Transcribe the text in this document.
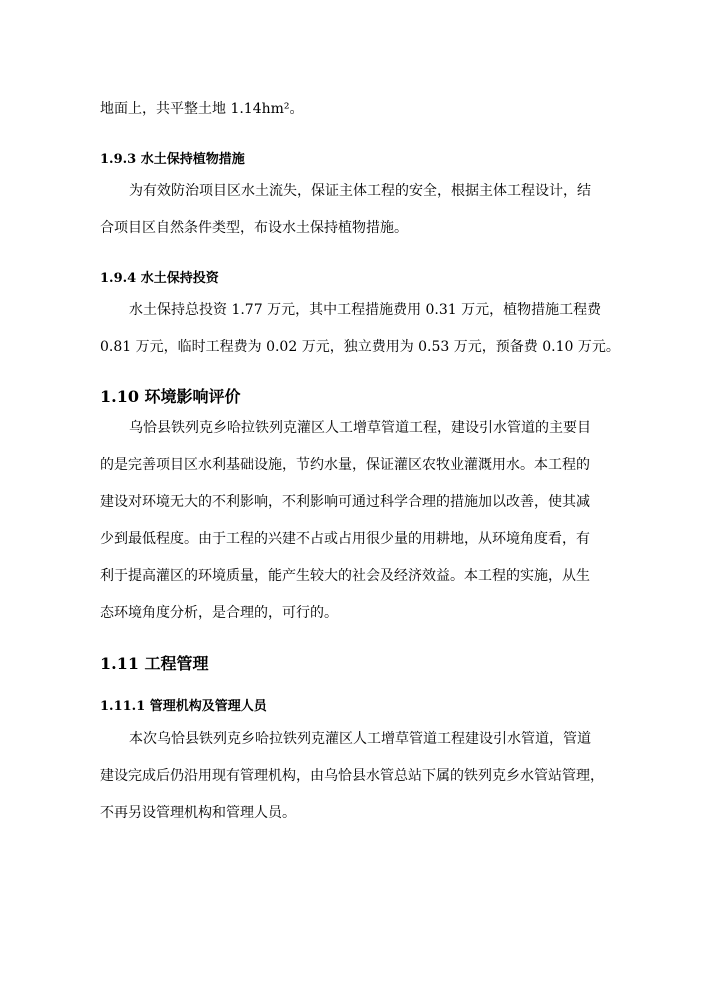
地面上，共平整土地 1.14hm²。
1.9.3 水土保持植物措施
为有效防治项目区水土流失，保证主体工程的安全，根据主体工程设计，结
合项目区自然条件类型，布设水土保持植物措施。
1.9.4 水土保持投资
水土保持总投资 1.77 万元，其中工程措施费用 0.31 万元，植物措施工程费
0.81 万元，临时工程费为 0.02 万元，独立费用为 0.53 万元，预备费 0.10 万元。
1.10 环境影响评价
乌恰县铁列克乡哈拉铁列克灌区人工增草管道工程，建设引水管道的主要目
的是完善项目区水利基础设施，节约水量，保证灌区农牧业灌溉用水。本工程的
建设对环境无大的不利影响，不利影响可通过科学合理的措施加以改善，使其减
少到最低程度。由于工程的兴建不占或占用很少量的用耕地，从环境角度看，有
利于提高灌区的环境质量，能产生较大的社会及经济效益。本工程的实施，从生
态环境角度分析，是合理的，可行的。
1.11 工程管理
1.11.1 管理机构及管理人员
本次乌恰县铁列克乡哈拉铁列克灌区人工增草管道工程建设引水管道，管道
建设完成后仍沿用现有管理机构，由乌恰县水管总站下属的铁列克乡水管站管理，
不再另设管理机构和管理人员。
